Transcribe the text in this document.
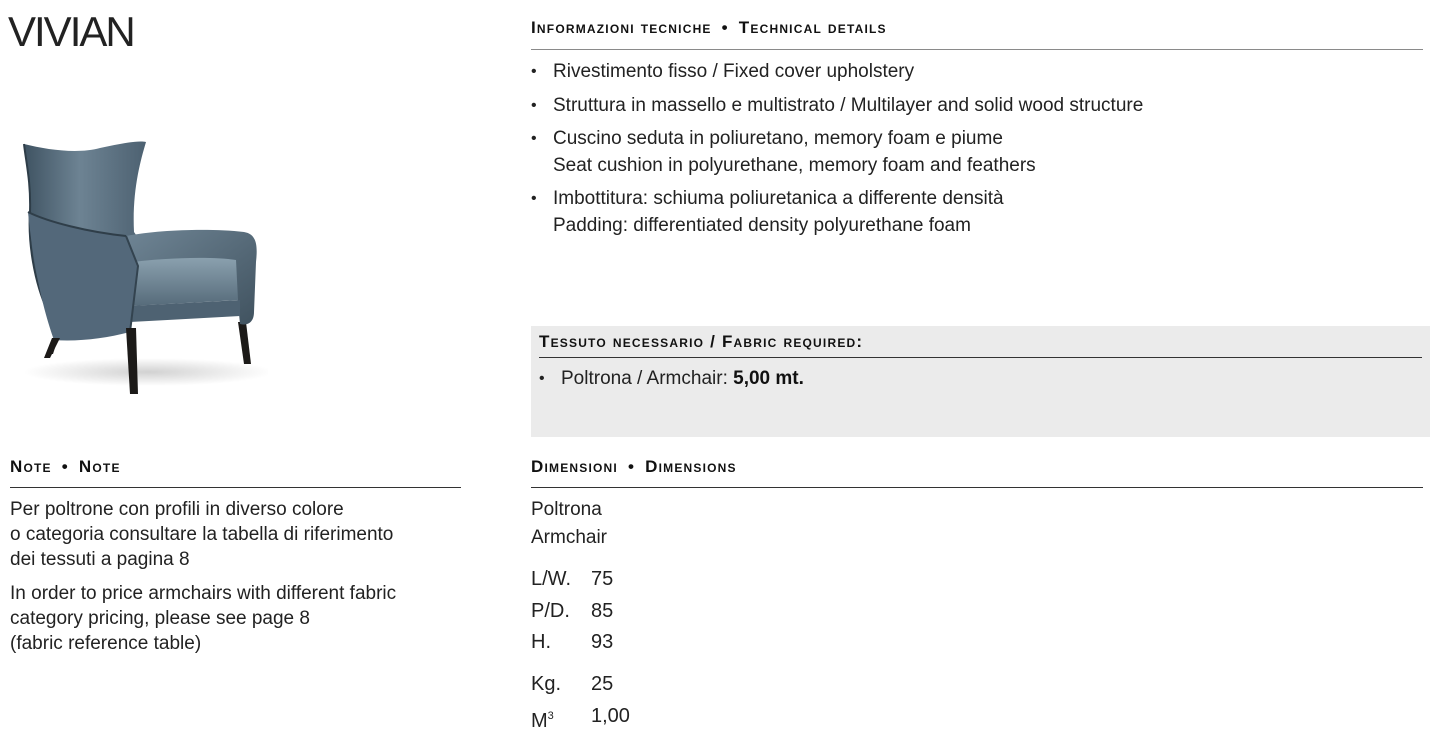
VIVIAN	Informazioni tecniche • Technical details
• Rivestimento fisso / Fixed cover upholstery
• Struttura in massello e multistrato / Multilayer and solid wood structure
• Cuscino seduta in poliuretano, memory foam e piume
Seat cushion in polyurethane, memory foam and feathers
• Imbottitura: schiuma poliuretanica a differente densità
Padding: differentiated density polyurethane foam
Tessuto necessario / Fabric required:
• Poltrona / Armchair: 5,00 mt.
Note • Note

Per poltrone con profili in diverso colore
o categoria consultare la tabella di riferimento
dei tessuti a pagina 8

In order to price armchairs with different fabric
category pricing, please see page 8
(fabric reference table)

Dimensioni • Dimensions
Poltrona
Armchair
L/W. 75
P/D.	85
H.	93
Kg.	25
$M^3$	1,00
